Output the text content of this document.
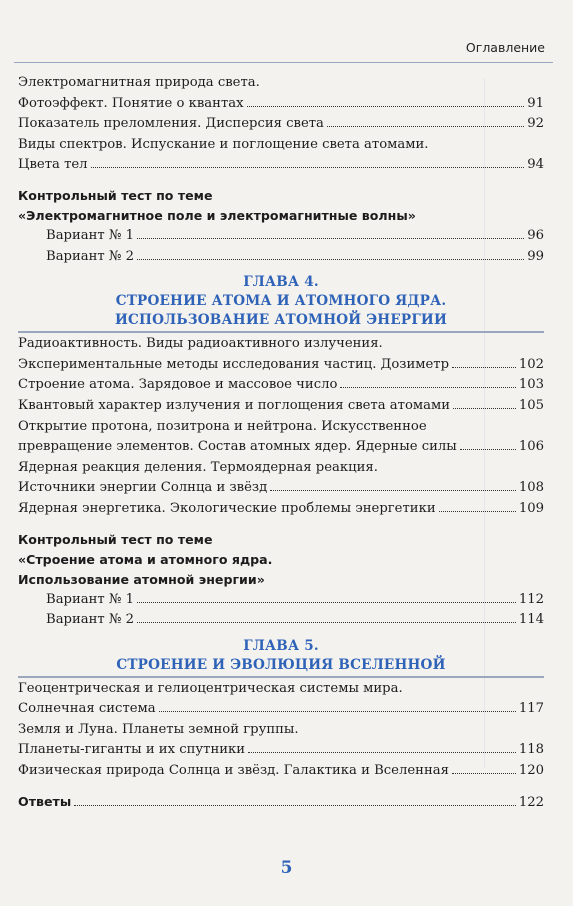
Оглавление
Электромагнитная природа света.
Фотоэффект. Понятие о квантах	91
Показатель преломления. Дисперсия света	92
Виды спектров. Испускание и поглощение света атомами.
Цвета тел	94
Контрольный тест по теме
«Электромагнитное поле и электромагнитные волны»
Вариант № 1	96
Вариант № 2	99
ГЛАВА 4.
СТРОЕНИЕ АТОМА И АТОМНОГО ЯДРА.
ИСПОЛЬЗОВАНИЕ АТОМНОЙ ЭНЕРГИИ
Радиоактивность. Виды радиоактивного излучения.
Экспериментальные методы исследования частиц. Дозиметр	102
Строение атома. Зарядовое и массовое число	103
Квантовый характер излучения и поглощения света атомами	105
Открытие протона, позитрона и нейтрона. Искусственное
превращение элементов. Состав атомных ядер. Ядерные силы	106
Ядерная реакция деления. Термоядерная реакция.
Источники энергии Солнца и звёзд	108
Ядерная энергетика. Экологические проблемы энергетики	109
Контрольный тест по теме
«Строение атома и атомного ядра.
Использование атомной энергии»
Вариант № 1	112
Вариант № 2	114
ГЛАВА 5.
СТРОЕНИЕ И ЭВОЛЮЦИЯ ВСЕЛЕННОЙ
Геоцентрическая и гелиоцентрическая системы мира.
Солнечная система	117
Земля и Луна. Планеты земной группы.
Планеты-гиганты и их спутники	118
Физическая природа Солнца и звёзд. Галактика и Вселенная	120
Ответы	122
5
